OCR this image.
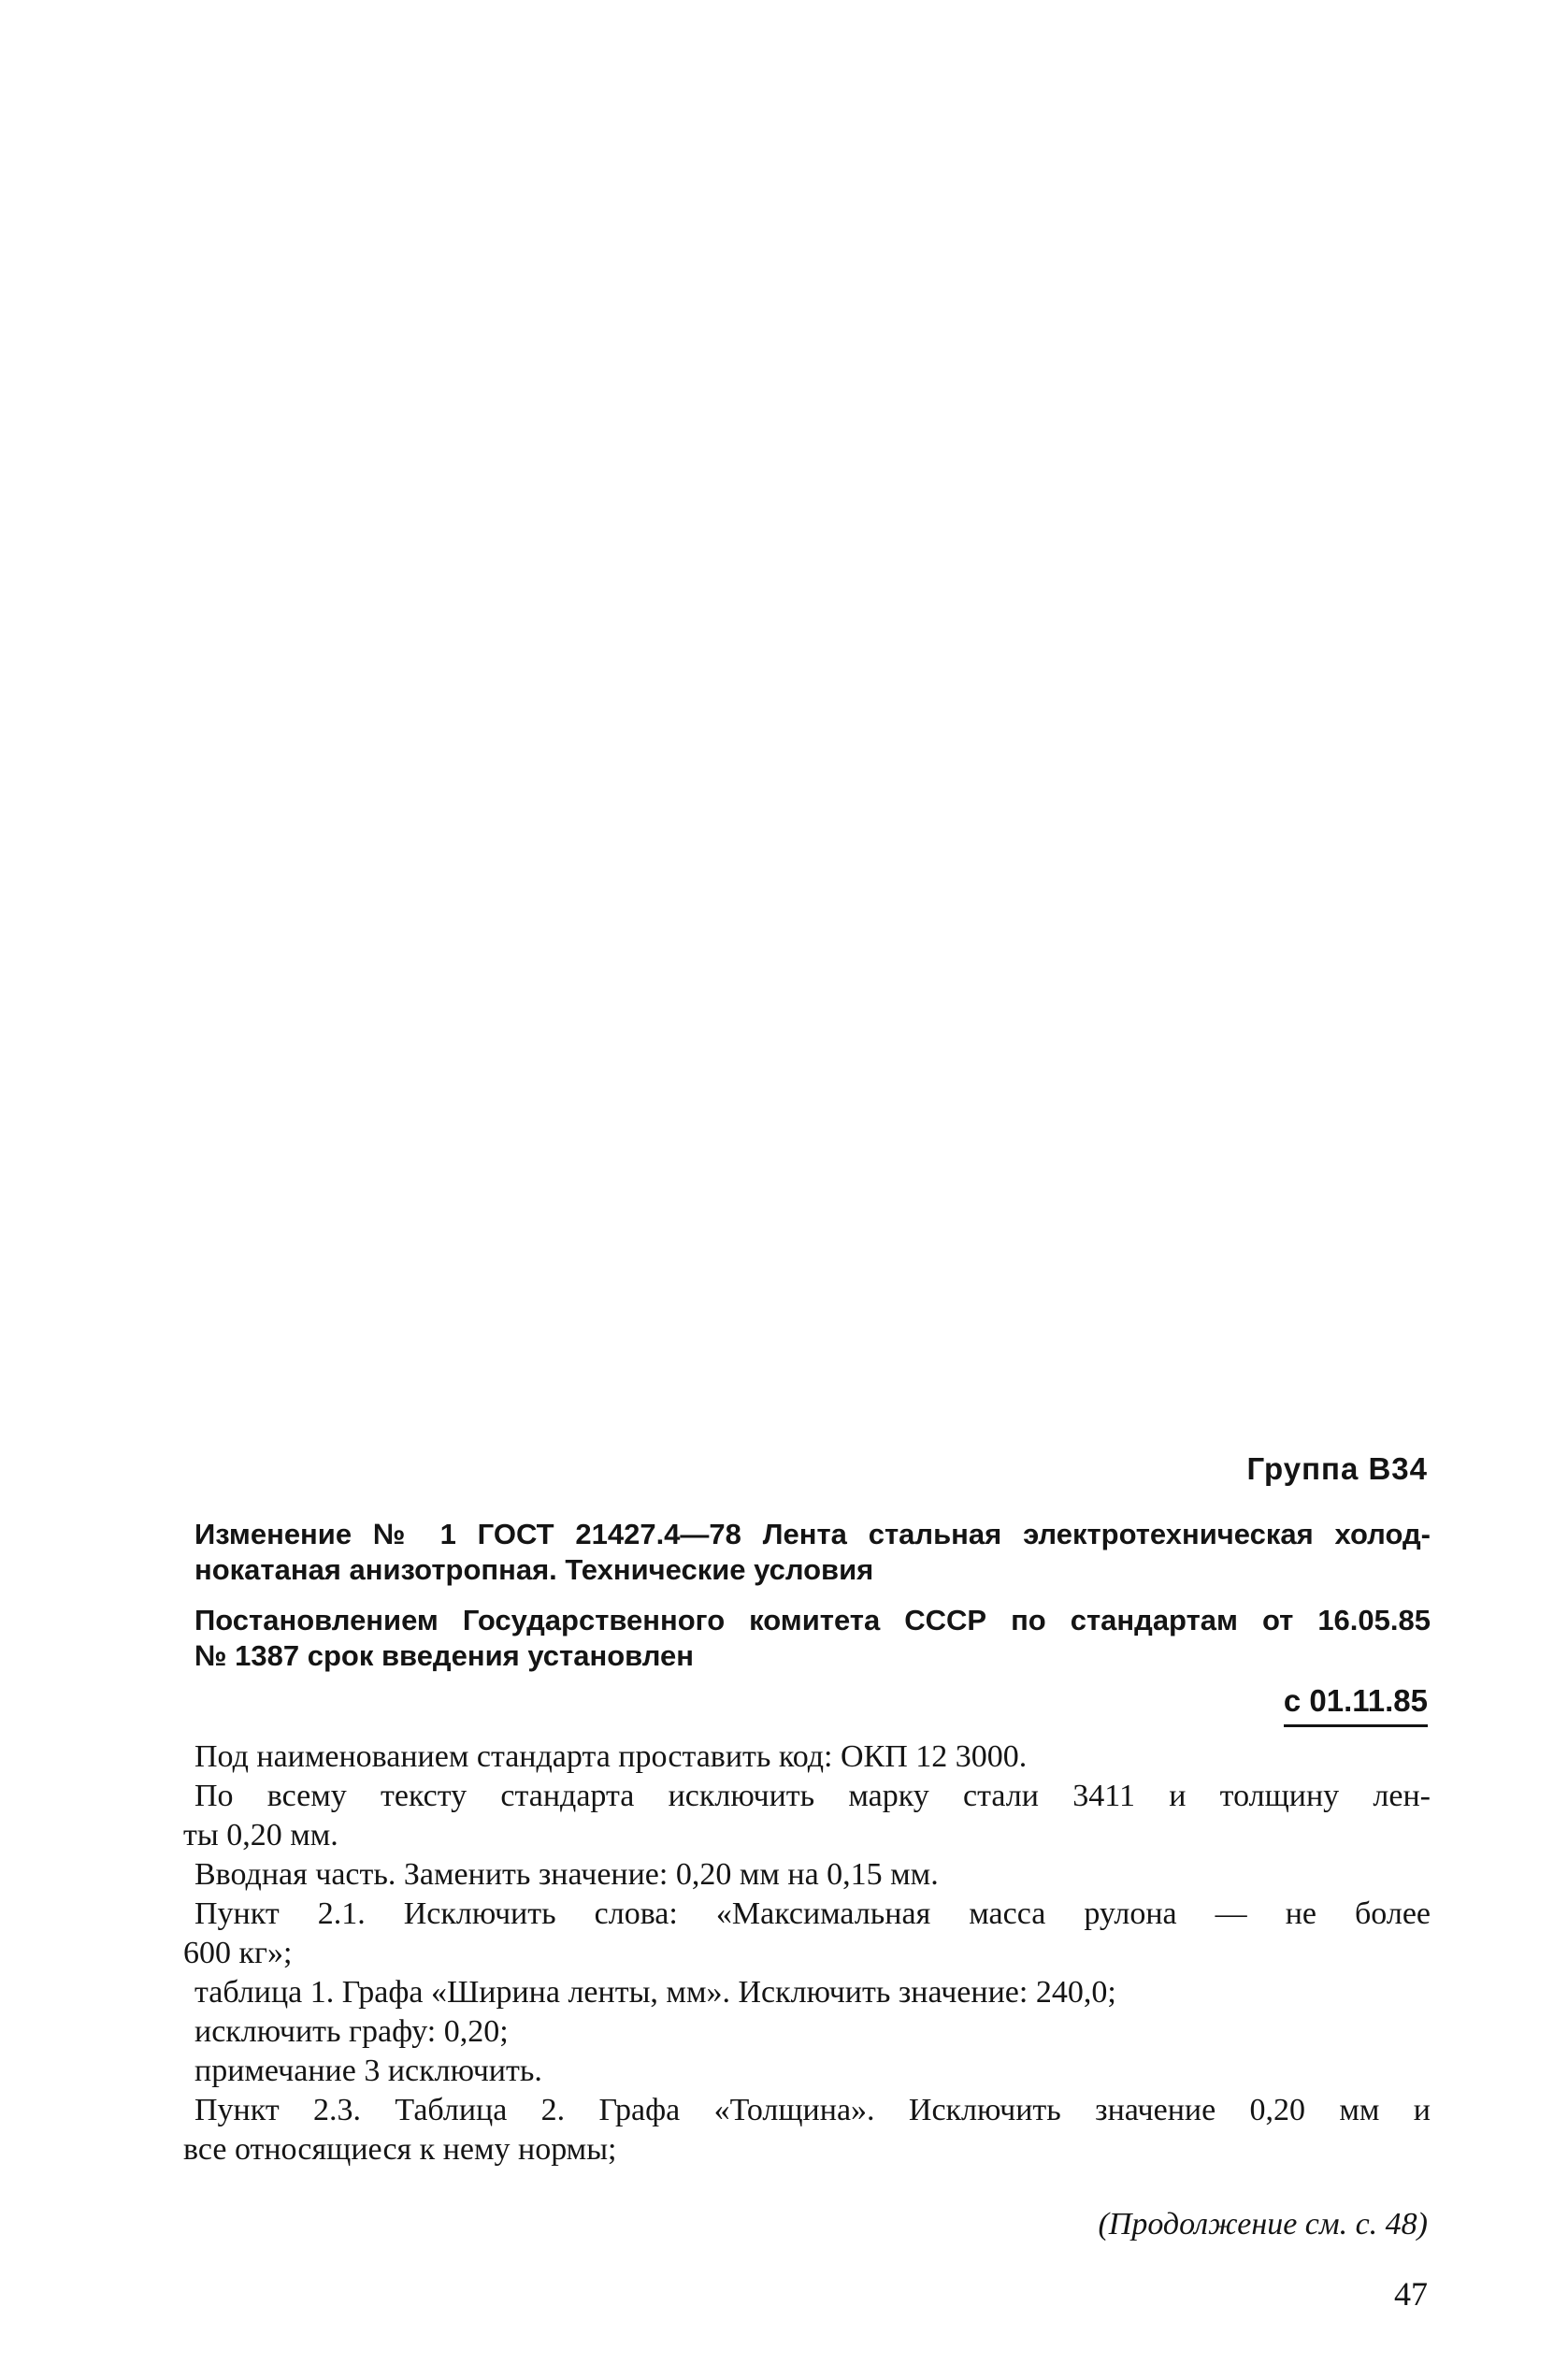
Группа В34
Изменение № 1 ГОСТ 21427.4—78 Лента стальная электротехническая холод-
нокатаная анизотропная. Технические условия
Постановлением Государственного комитета СССР по стандартам от 16.05.85
№ 1387 срок введения установлен
с 01.11.85
Под наименованием стандарта проставить код: ОКП 12 3000.
По всему тексту стандарта исключить марку стали 3411 и толщину лен-
ты 0,20 мм.
Вводная часть. Заменить значение: 0,20 мм на 0,15 мм.
Пункт 2.1. Исключить слова: «Максимальная масса рулона — не более
600 кг»;
таблица 1. Графа «Ширина ленты, мм». Исключить значение: 240,0;
исключить графу: 0,20;
примечание 3 исключить.
Пункт 2.3. Таблица 2. Графа «Толщина». Исключить значение 0,20 мм и
все относящиеся к нему нормы;
(Продолжение см. с. 48)
47
